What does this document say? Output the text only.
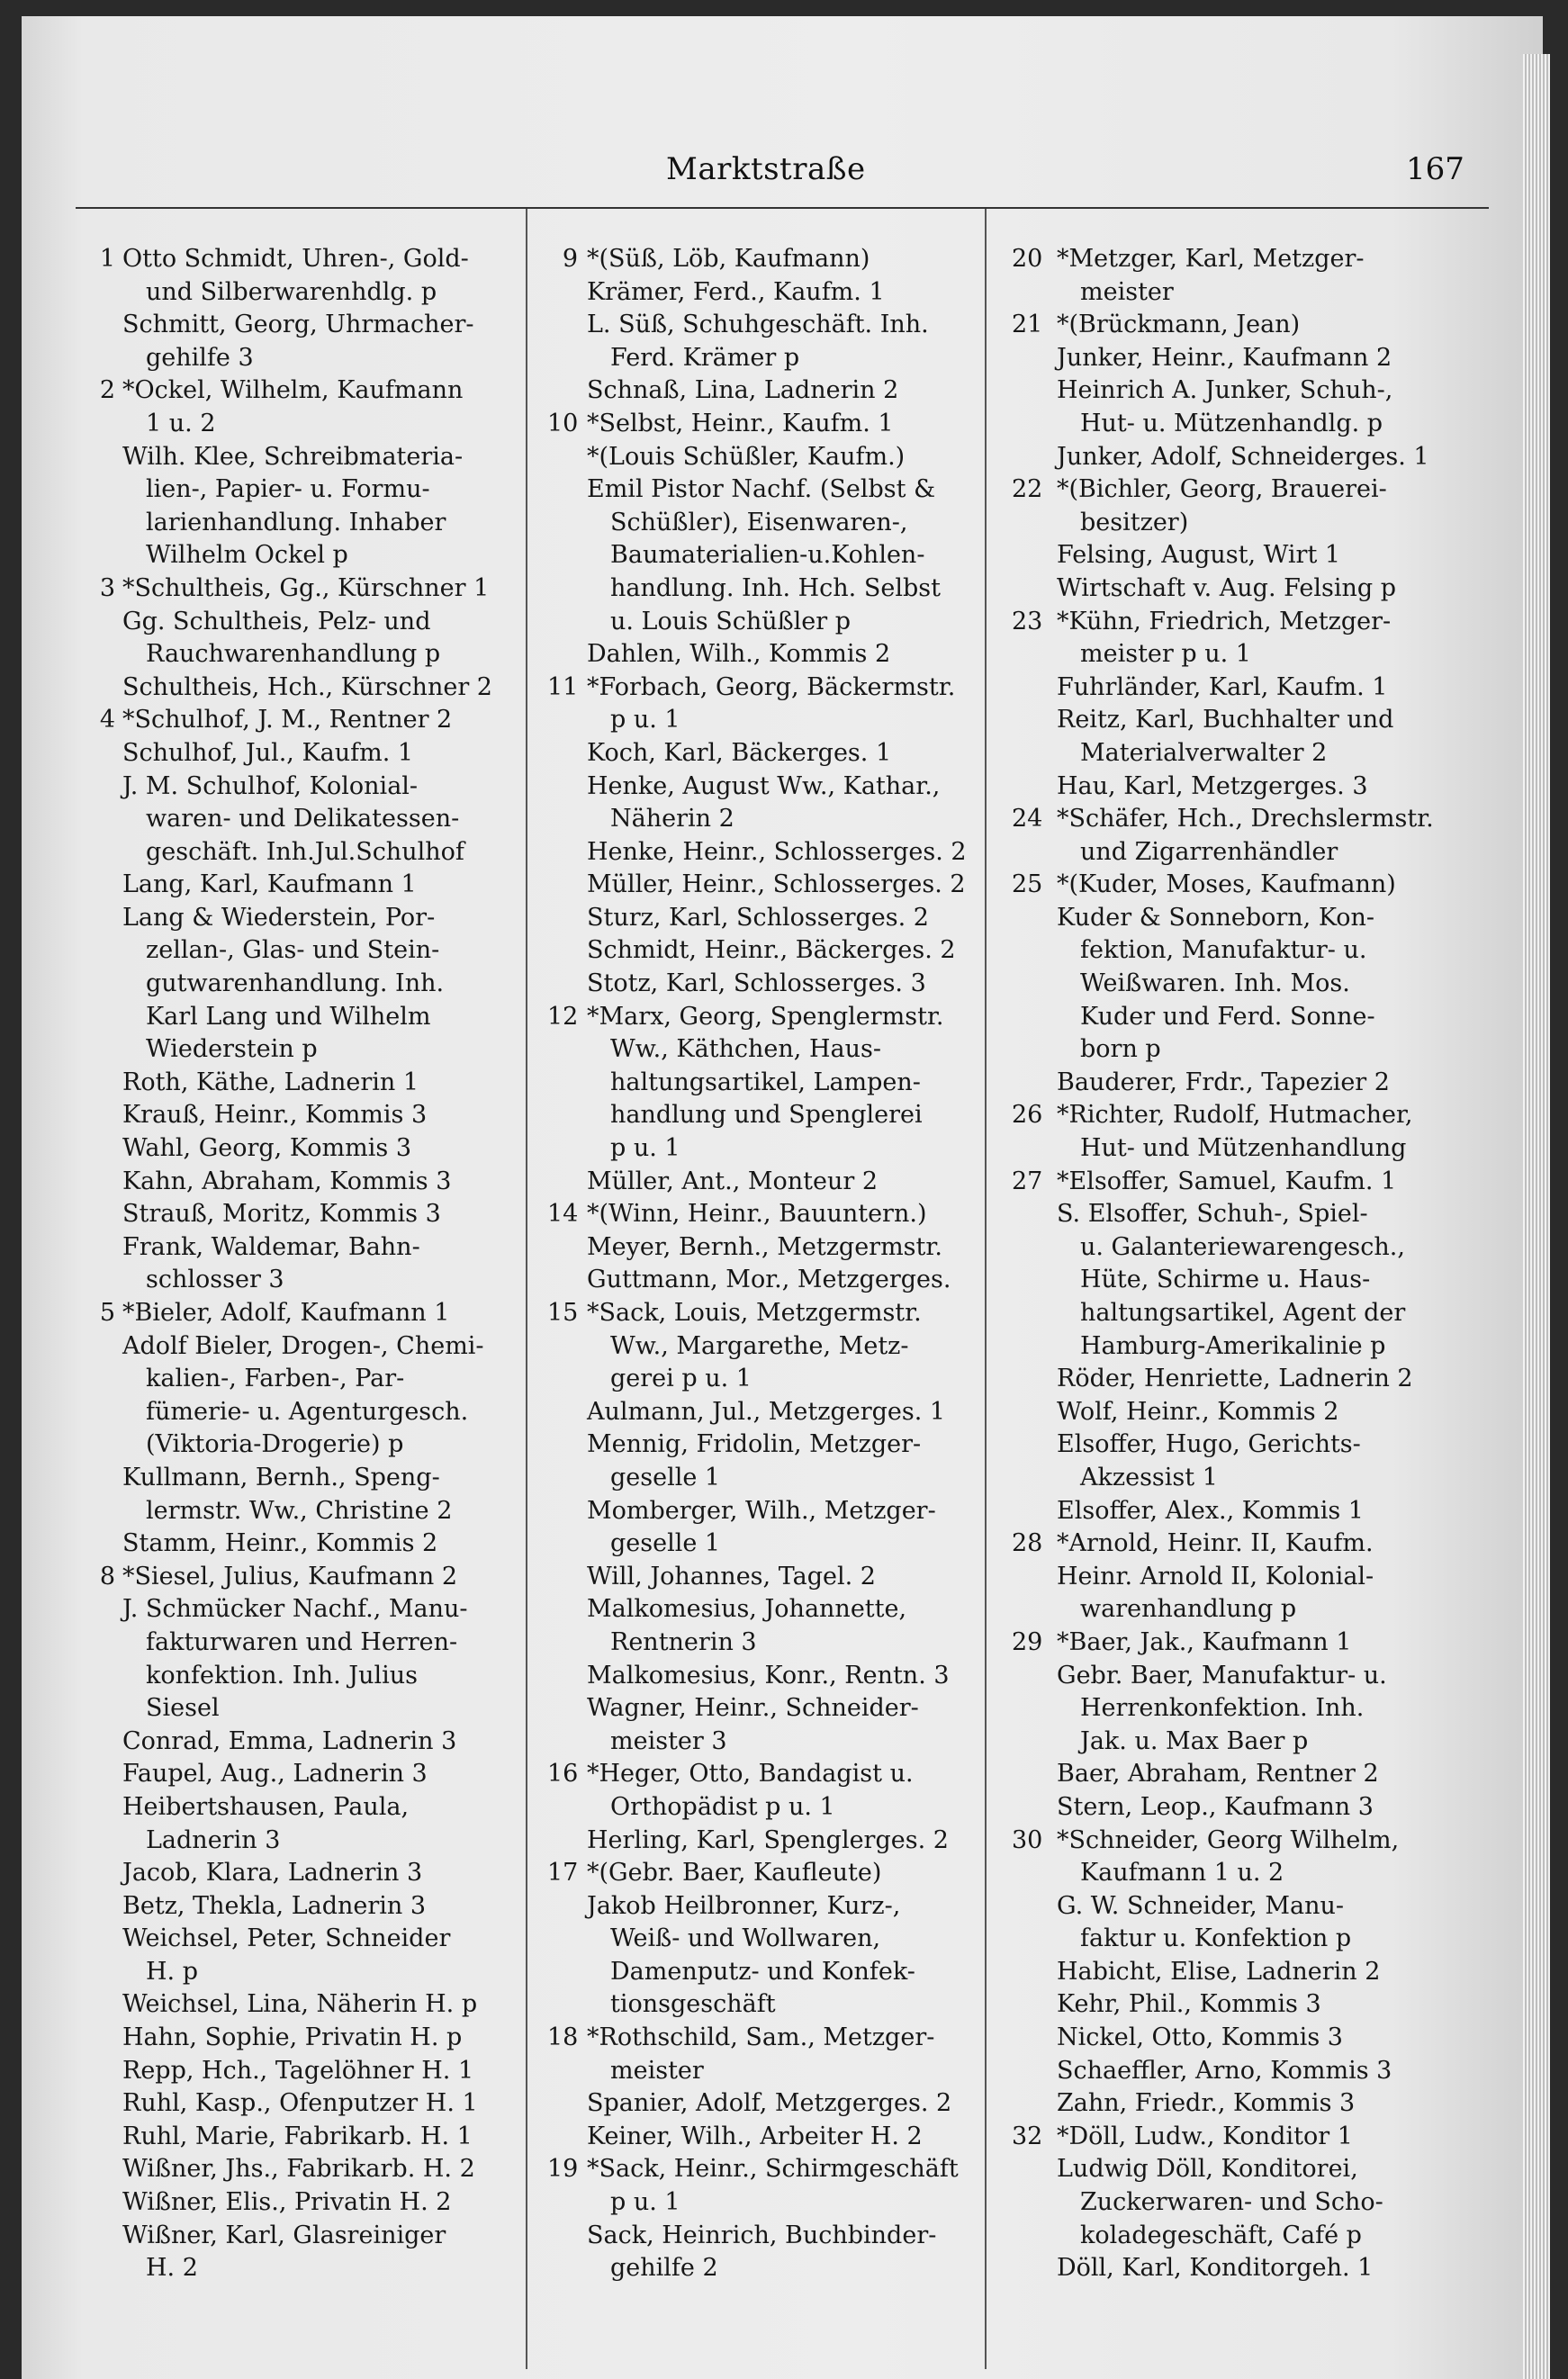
Marktstraße	167
1 Otto Schmidt, Uhren-, Gold-
und Silberwarenhdlg. p
Schmitt, Georg, Uhrmacher-
gehilfe 3
2 *Ockel, Wilhelm, Kaufmann
1 u. 2
Wilh. Klee, Schreibmateria-
lien-, Papier- u. Formu-
larienhandlung. Inhaber
Wilhelm Ockel p
3 *Schultheis, Gg., Kürschner 1
Gg. Schultheis, Pelz- und
Rauchwarenhandlung p
Schultheis, Hch., Kürschner 2
4 *Schulhof, J. M., Rentner 2
Schulhof, Jul., Kaufm. 1
J. M. Schulhof, Kolonial-
waren- und Delikatessen-
geschäft. Inh.Jul.Schulhof
Lang, Karl, Kaufmann 1
Lang & Wiederstein, Por-
zellan-, Glas- und Stein-
gutwarenhandlung. Inh.
Karl Lang und Wilhelm
Wiederstein p
Roth, Käthe, Ladnerin 1
Krauß, Heinr., Kommis 3
Wahl, Georg, Kommis 3
Kahn, Abraham, Kommis 3
Strauß, Moritz, Kommis 3
Frank, Waldemar, Bahn-
schlosser 3
5 *Bieler, Adolf, Kaufmann 1
Adolf Bieler, Drogen-, Chemi-
kalien-, Farben-, Par-
fümerie- u. Agenturgesch.
(Viktoria-Drogerie) p
Kullmann, Bernh., Speng-
lermstr. Ww., Christine 2
Stamm, Heinr., Kommis 2
8 *Siesel, Julius, Kaufmann 2
J. Schmücker Nachf., Manu-
fakturwaren und Herren-
konfektion. Inh. Julius
Siesel
Conrad, Emma, Ladnerin 3
Faupel, Aug., Ladnerin 3
Heibertshausen, Paula,
Ladnerin 3
Jacob, Klara, Ladnerin 3
Betz, Thekla, Ladnerin 3
Weichsel, Peter, Schneider
H. p
Weichsel, Lina, Näherin H. p
Hahn, Sophie, Privatin H. p
Repp, Hch., Tagelöhner H. 1
Ruhl, Kasp., Ofenputzer H. 1
Ruhl, Marie, Fabrikarb. H. 1
Wißner, Jhs., Fabrikarb. H. 2
Wißner, Elis., Privatin H. 2
Wißner, Karl, Glasreiniger
H. 2
9 *(Süß, Löb, Kaufmann)
Krämer, Ferd., Kaufm. 1
L. Süß, Schuhgeschäft. Inh.
Ferd. Krämer p
Schnaß, Lina, Ladnerin 2
10 *Selbst, Heinr., Kaufm. 1
*(Louis Schüßler, Kaufm.)
Emil Pistor Nachf. (Selbst &
Schüßler), Eisenwaren-,
Baumaterialien-u.Kohlen-
handlung. Inh. Hch. Selbst
u. Louis Schüßler p
Dahlen, Wilh., Kommis 2
11 *Forbach, Georg, Bäckermstr.
p u. 1
Koch, Karl, Bäckerges. 1
Henke, August Ww., Kathar.,
Näherin 2
Henke, Heinr., Schlosserges. 2
Müller, Heinr., Schlosserges. 2
Sturz, Karl, Schlosserges. 2
Schmidt, Heinr., Bäckerges. 2
Stotz, Karl, Schlosserges. 3
12 *Marx, Georg, Spenglermstr.
Ww., Käthchen, Haus-
haltungsartikel, Lampen-
handlung und Spenglerei
p u. 1
Müller, Ant., Monteur 2
14 *(Winn, Heinr., Bauuntern.)
Meyer, Bernh., Metzgermstr.
Guttmann, Mor., Metzgerges.
15 *Sack, Louis, Metzgermstr.
Ww., Margarethe, Metz-
gerei p u. 1
Aulmann, Jul., Metzgerges. 1
Mennig, Fridolin, Metzger-
geselle 1
Momberger, Wilh., Metzger-
geselle 1
Will, Johannes, Tagel. 2
Malkomesius, Johannette,
Rentnerin 3
Malkomesius, Konr., Rentn. 3
Wagner, Heinr., Schneider-
meister 3
16 *Heger, Otto, Bandagist u.
Orthopädist p u. 1
Herling, Karl, Spenglerges. 2
17 *(Gebr. Baer, Kaufleute)
Jakob Heilbronner, Kurz-,
Weiß- und Wollwaren,
Damenputz- und Konfek-
tionsgeschäft
18 *Rothschild, Sam., Metzger-
meister
Spanier, Adolf, Metzgerges. 2
Keiner, Wilh., Arbeiter H. 2
19 *Sack, Heinr., Schirmgeschäft
p u. 1
Sack, Heinrich, Buchbinder-
gehilfe 2
20 *Metzger, Karl, Metzger-
meister
21 *(Brückmann, Jean)
Junker, Heinr., Kaufmann 2
Heinrich A. Junker, Schuh-,
Hut- u. Mützenhandlg. p
Junker, Adolf, Schneiderges. 1
22 *(Bichler, Georg, Brauerei-
besitzer)
Felsing, August, Wirt 1
Wirtschaft v. Aug. Felsing p
23 *Kühn, Friedrich, Metzger-
meister p u. 1
Fuhrländer, Karl, Kaufm. 1
Reitz, Karl, Buchhalter und
Materialverwalter 2
Hau, Karl, Metzgerges. 3
24 *Schäfer, Hch., Drechslermstr.
und Zigarrenhändler
25 *(Kuder, Moses, Kaufmann)
Kuder & Sonneborn, Kon-
fektion, Manufaktur- u.
Weißwaren. Inh. Mos.
Kuder und Ferd. Sonne-
born p
Bauderer, Frdr., Tapezier 2
26 *Richter, Rudolf, Hutmacher,
Hut- und Mützenhandlung
27 *Elsoffer, Samuel, Kaufm. 1
S. Elsoffer, Schuh-, Spiel-
u. Galanteriewarengesch.,
Hüte, Schirme u. Haus-
haltungsartikel, Agent der
Hamburg-Amerikalinie p
Röder, Henriette, Ladnerin 2
Wolf, Heinr., Kommis 2
Elsoffer, Hugo, Gerichts-
Akzessist 1
Elsoffer, Alex., Kommis 1
28 *Arnold, Heinr. II, Kaufm.
Heinr. Arnold II, Kolonial-
warenhandlung p
29 *Baer, Jak., Kaufmann 1
Gebr. Baer, Manufaktur- u.
Herrenkonfektion. Inh.
Jak. u. Max Baer p
Baer, Abraham, Rentner 2
Stern, Leop., Kaufmann 3
30 *Schneider, Georg Wilhelm,
Kaufmann 1 u. 2
G. W. Schneider, Manu-
faktur u. Konfektion p
Habicht, Elise, Ladnerin 2
Kehr, Phil., Kommis 3
Nickel, Otto, Kommis 3
Schaeffler, Arno, Kommis 3
Zahn, Friedr., Kommis 3
32 *Döll, Ludw., Konditor 1
Ludwig Döll, Konditorei,
Zuckerwaren- und Scho-
koladegeschäft, Café p
Döll, Karl, Konditorgeh. 1
